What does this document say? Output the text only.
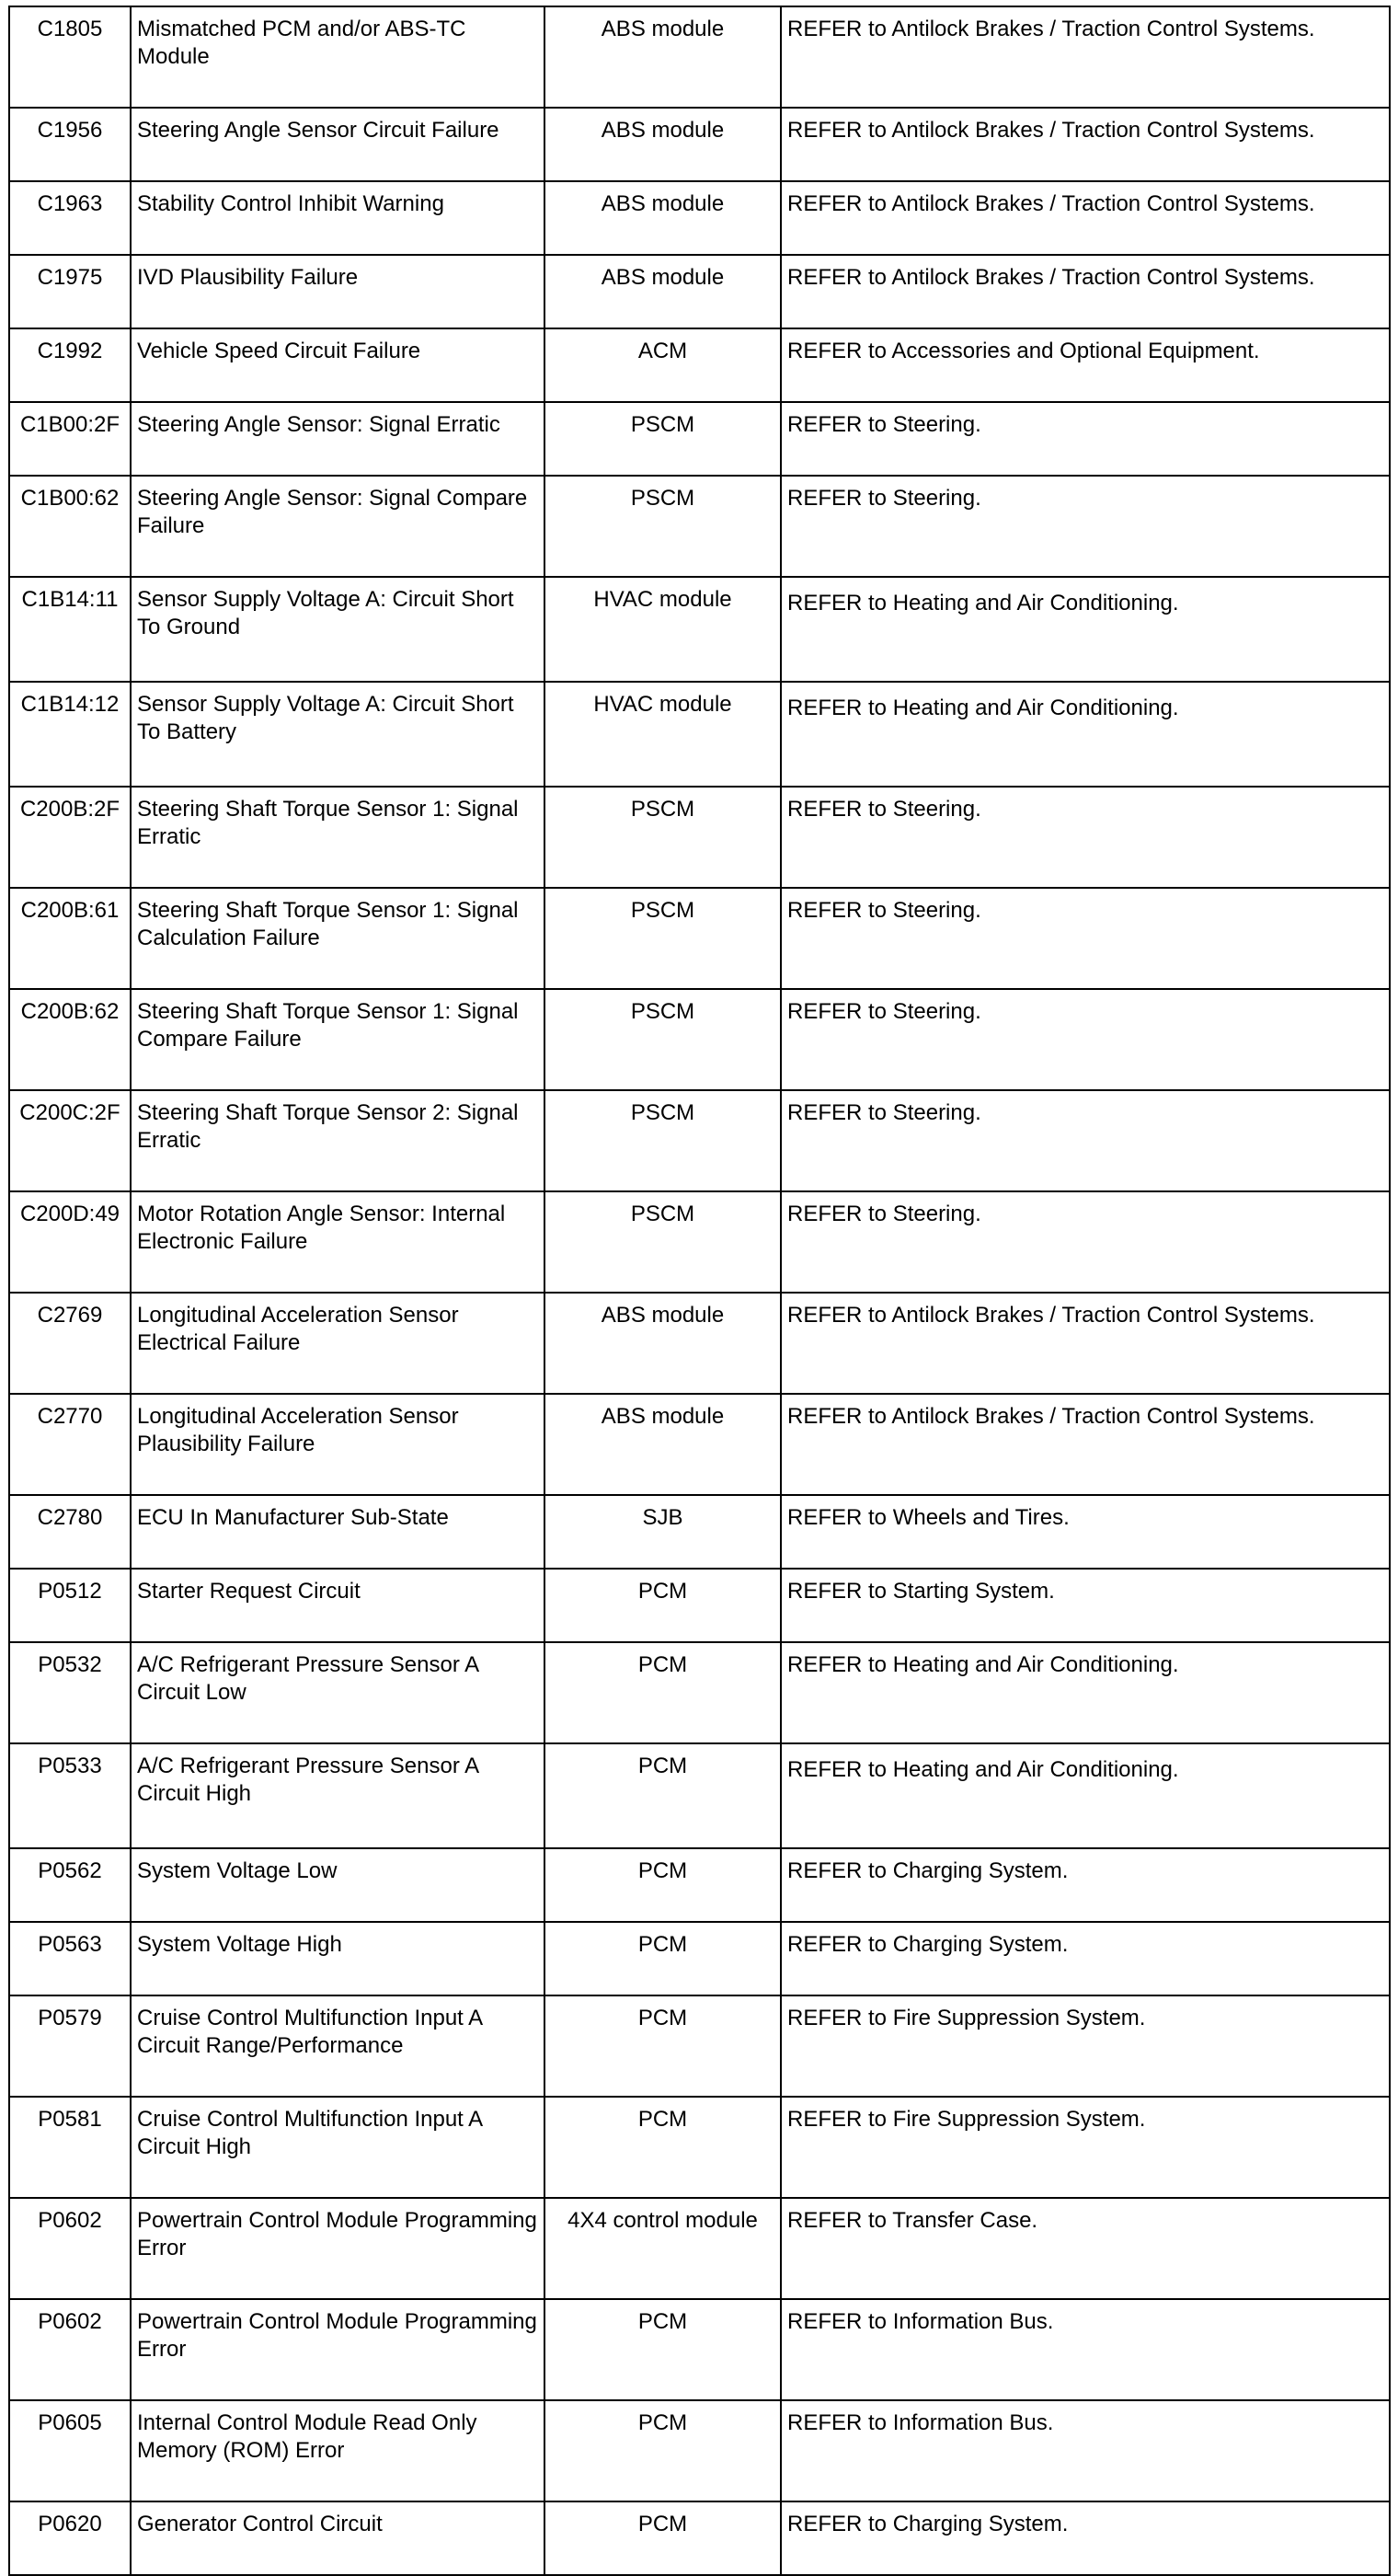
C1805	Mismatched PCM and/or ABS-TC Module	ABS module	REFER to Antilock Brakes / Traction Control Systems.
C1956	Steering Angle Sensor Circuit Failure	ABS module	REFER to Antilock Brakes / Traction Control Systems.
C1963	Stability Control Inhibit Warning	ABS module	REFER to Antilock Brakes / Traction Control Systems.
C1975	IVD Plausibility Failure	ABS module	REFER to Antilock Brakes / Traction Control Systems.
C1992	Vehicle Speed Circuit Failure	ACM	REFER to Accessories and Optional Equipment.
C1B00:2F	Steering Angle Sensor: Signal Erratic	PSCM	REFER to Steering.
C1B00:62	Steering Angle Sensor: Signal Compare Failure	PSCM	REFER to Steering.
C1B14:11	Sensor Supply Voltage A: Circuit Short To Ground	HVAC module	REFER to Heating and Air Conditioning.
C1B14:12	Sensor Supply Voltage A: Circuit Short To Battery	HVAC module	REFER to Heating and Air Conditioning.
C200B:2F	Steering Shaft Torque Sensor 1: Signal Erratic	PSCM	REFER to Steering.
C200B:61	Steering Shaft Torque Sensor 1: Signal Calculation Failure	PSCM	REFER to Steering.
C200B:62	Steering Shaft Torque Sensor 1: Signal Compare Failure	PSCM	REFER to Steering.
C200C:2F	Steering Shaft Torque Sensor 2: Signal Erratic	PSCM	REFER to Steering.
C200D:49	Motor Rotation Angle Sensor: Internal Electronic Failure	PSCM	REFER to Steering.
C2769	Longitudinal Acceleration Sensor Electrical Failure	ABS module	REFER to Antilock Brakes / Traction Control Systems.
C2770	Longitudinal Acceleration Sensor Plausibility Failure	ABS module	REFER to Antilock Brakes / Traction Control Systems.
C2780	ECU In Manufacturer Sub-State	SJB	REFER to Wheels and Tires.
P0512	Starter Request Circuit	PCM	REFER to Starting System.
P0532	A/C Refrigerant Pressure Sensor A Circuit Low	PCM	REFER to Heating and Air Conditioning.
P0533	A/C Refrigerant Pressure Sensor A Circuit High	PCM	REFER to Heating and Air Conditioning.
P0562	System Voltage Low	PCM	REFER to Charging System.
P0563	System Voltage High	PCM	REFER to Charging System.
P0579	Cruise Control Multifunction Input A Circuit Range/Performance	PCM	REFER to Fire Suppression System.
P0581	Cruise Control Multifunction Input A Circuit High	PCM	REFER to Fire Suppression System.
P0602	Powertrain Control Module Programming Error	4X4 control module	REFER to Transfer Case.
P0602	Powertrain Control Module Programming Error	PCM	REFER to Information Bus.
P0605	Internal Control Module Read Only Memory (ROM) Error	PCM	REFER to Information Bus.
P0620	Generator Control Circuit	PCM	REFER to Charging System.
